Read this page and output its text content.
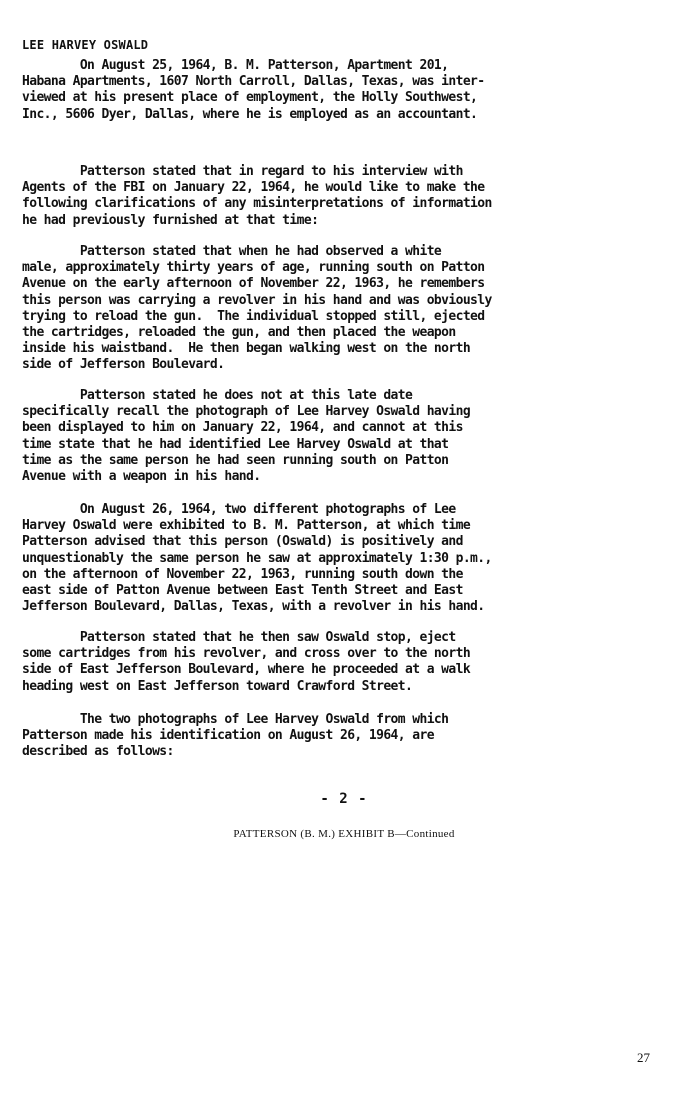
LEE HARVEY OSWALD

On August 25, 1964, B. M. Patterson, Apartment 201,
Habana Apartments, 1607 North Carroll, Dallas, Texas, was inter-
viewed at his present place of employment, the Holly Southwest,
Inc., 5606 Dyer, Dallas, where he is employed as an accountant.

Patterson stated that in regard to his interview with
Agents of the FBI on January 22, 1964, he would like to make the
following clarifications of any misinterpretations of information
he had previously furnished at that time:

Patterson stated that when he had observed a white
male, approximately thirty years of age, running south on Patton
Avenue on the early afternoon of November 22, 1963, he remembers
this person was carrying a revolver in his hand and was obviously
trying to reload the gun.  The individual stopped still, ejected
the cartridges, reloaded the gun, and then placed the weapon
inside his waistband.  He then began walking west on the north
side of Jefferson Boulevard.

Patterson stated he does not at this late date
specifically recall the photograph of Lee Harvey Oswald having
been displayed to him on January 22, 1964, and cannot at this
time state that he had identified Lee Harvey Oswald at that
time as the same person he had seen running south on Patton
Avenue with a weapon in his hand.

On August 26, 1964, two different photographs of Lee
Harvey Oswald were exhibited to B. M. Patterson, at which time
Patterson advised that this person (Oswald) is positively and
unquestionably the same person he saw at approximately 1:30 p.m.,
on the afternoon of November 22, 1963, running south down the
east side of Patton Avenue between East Tenth Street and East
Jefferson Boulevard, Dallas, Texas, with a revolver in his hand.

Patterson stated that he then saw Oswald stop, eject
some cartridges from his revolver, and cross over to the north
side of East Jefferson Boulevard, where he proceeded at a walk
heading west on East Jefferson toward Crawford Street.

The two photographs of Lee Harvey Oswald from which
Patterson made his identification on August 26, 1964, are
described as follows:

- 2 -
PATTERSON (B. M.) EXHIBIT B—Continued
27
